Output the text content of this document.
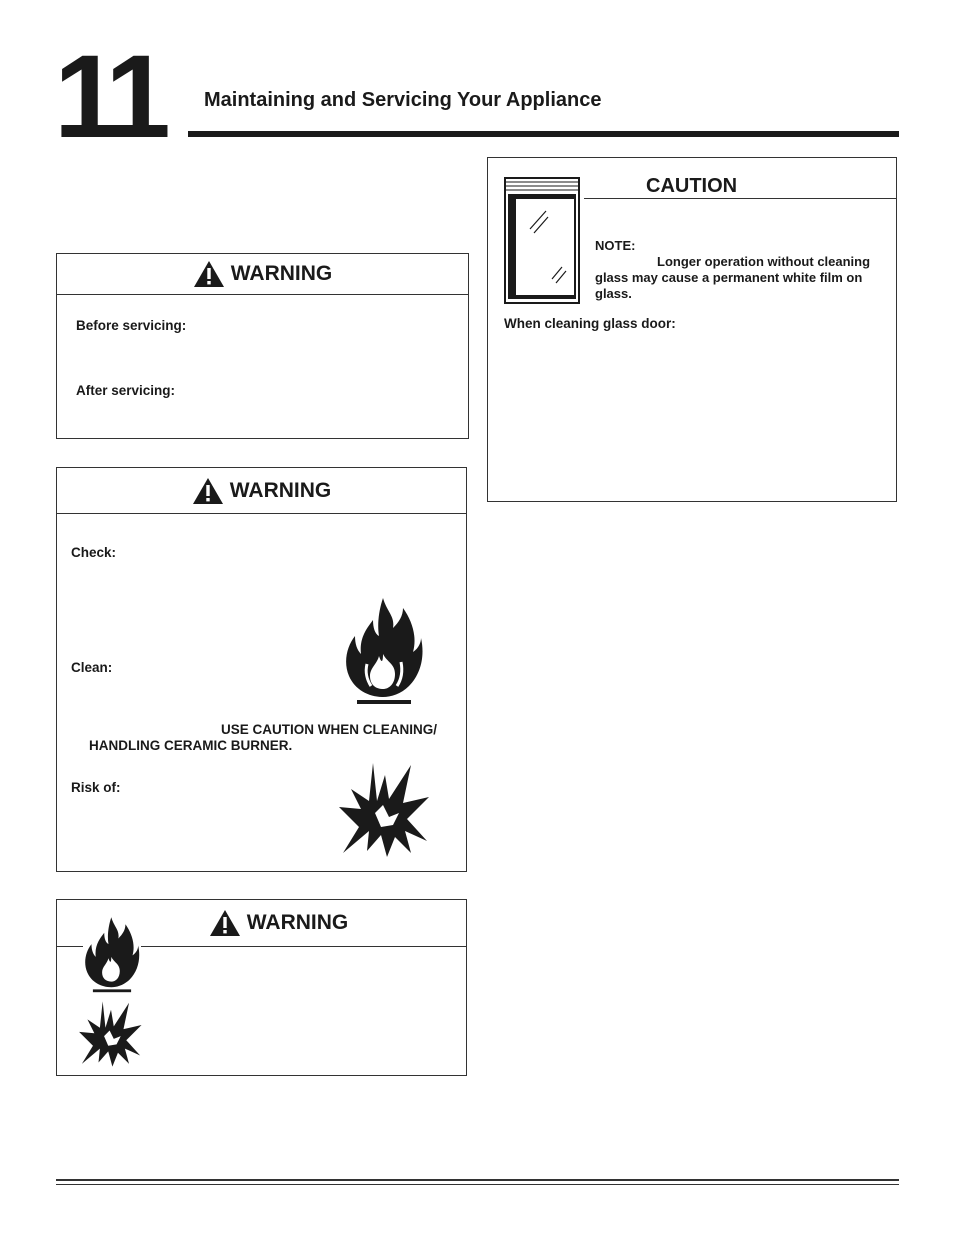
11 Maintaining and Servicing Your Appliance
WARNING
Before servicing:
After servicing:
WARNING
Check:
Clean:
USE CAUTION WHEN CLEANING/
HANDLING CERAMIC BURNER.
Risk of:
WARNING
CAUTION
NOTE:
Longer operation without cleaning glass may cause a permanent white film on glass.
When cleaning glass door:
